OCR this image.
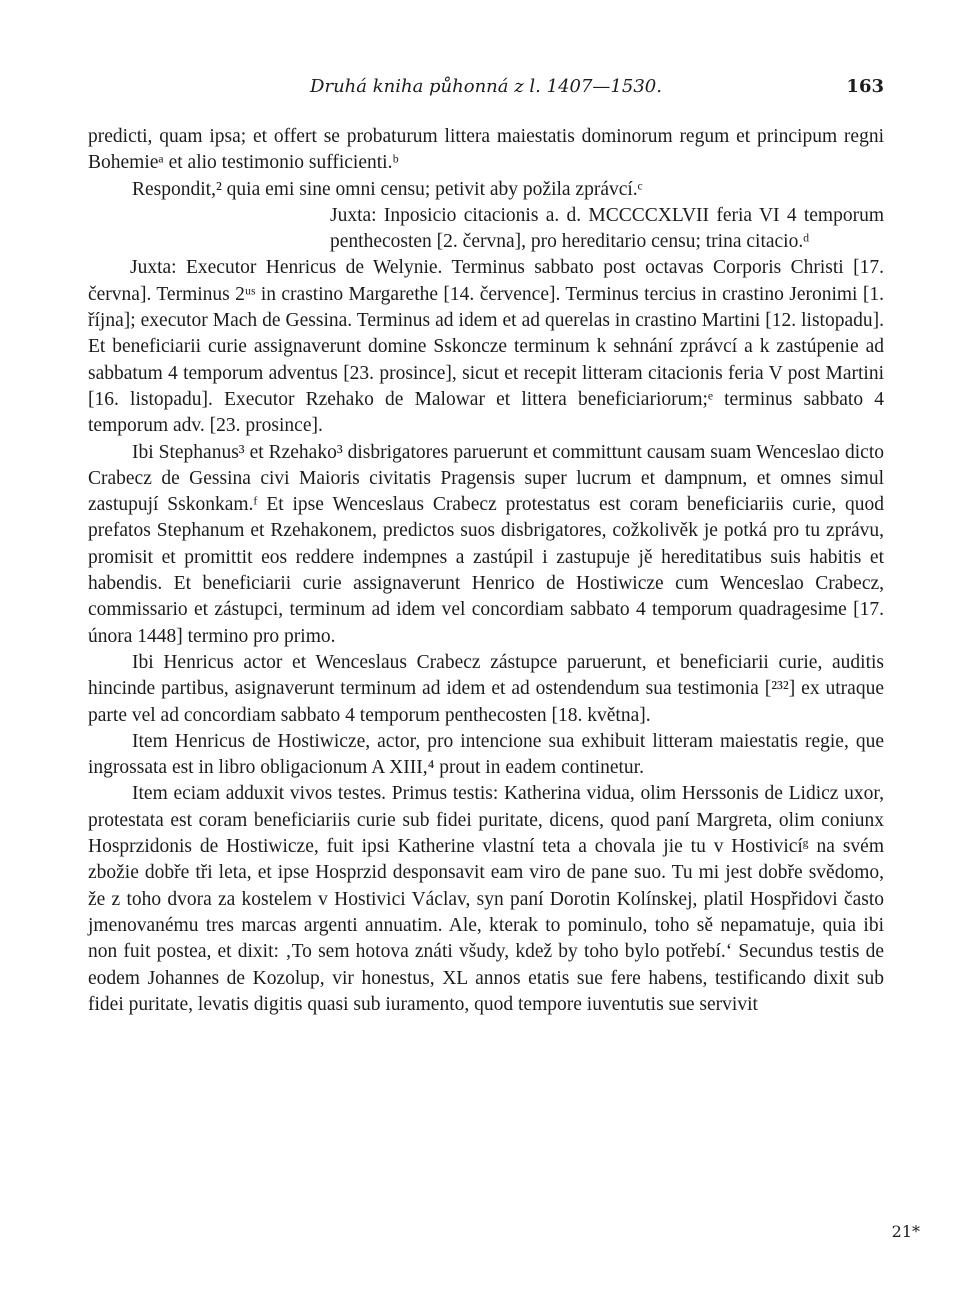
Druhá kniha půhonná z l. 1407—1530.	163

predicti, quam ipsa; et offert se probaturum littera maiestatis dominorum regum et principum regni Bohemieᵃ et alio testimonio sufficienti.ᵇ

Respondit,² quia emi sine omni censu; petivit aby požila zprávcí.ᶜ

Juxta: Inposicio citacionis a. d. MCCCCXLVII feria VI 4 temporum penthecosten [2. června], pro hereditario censu; trina citacio.ᵈ

Juxta: Executor Henricus de Welynie. Terminus sabbato post octavas Corporis Christi [17. června]. Terminus 2ᵘˢ in crastino Margarethe [14. července]. Terminus tercius in crastino Jeronimi [1. října]; executor Mach de Gessina. Terminus ad idem et ad querelas in crastino Martini [12. listopadu]. Et beneficiarii curie assignaverunt domine Sskoncze terminum k sehnání zprávcí a k zastúpenie ad sabbatum 4 temporum adventus [23. prosince], sicut et recepit litteram citacionis feria V post Martini [16. listopadu]. Executor Rzehako de Malowar et littera beneficiariorum;ᵉ terminus sabbato 4 temporum adv. [23. prosince].

Ibi Stephanus³ et Rzehako³ disbrigatores paruerunt et committunt causam suam Wenceslao dicto Crabecz de Gessina civi Maioris civitatis Pragensis super lucrum et dampnum, et omnes simul zastupují Sskonkam.ᶠ Et ipse Wenceslaus Crabecz protestatus est coram beneficiariis curie, quod prefatos Stephanum et Rzehakonem, predictos suos disbrigatores, cožkolivěk je potká pro tu zprávu, promisit et promittit eos reddere indempnes a zastúpil i zastupuje jě hereditatibus suis habitis et habendis. Et beneficiarii curie assignaverunt Henrico de Hostiwicze cum Wenceslao Crabecz, commissario et zástupci, terminum ad idem vel concordiam sabbato 4 temporum quadragesime [17. února 1448] termino pro primo.

Ibi Henricus actor et Wenceslaus Crabecz zástupce paruerunt, et beneficiarii curie, auditis hincinde partibus, asignaverunt terminum ad idem et ad ostendendum sua testimonia [²³²] ex utraque parte vel ad concordiam sabbato 4 temporum penthecosten [18. května].

Item Henricus de Hostiwicze, actor, pro intencione sua exhibuit litteram maiestatis regie, que ingrossata est in libro obligacionum A XIII,⁴ prout in eadem continetur.

Item eciam adduxit vivos testes. Primus testis: Katherina vidua, olim Herssonis de Lidicz uxor, protestata est coram beneficiariis curie sub fidei puritate, dicens, quod paní Margreta, olim coniunx Hosprzidonis de Hostiwicze, fuit ipsi Katherine vlastní teta a chovala jie tu v Hostivicíᵍ na svém zbožie dobře tři leta, et ipse Hosprzid desponsavit eam viro de pane suo. Tu mi jest dobře svědomo, že z toho dvora za kostelem v Hostivici Václav, syn paní Dorotin Kolínskej, platil Hospřidovi často jmenovanému tres marcas argenti annuatim. Ale, kterak to pominulo, toho sě nepamatuje, quia ibi non fuit postea, et dixit: ‚To sem hotova znáti všudy, kdež by toho bylo potřebí.‘ Secundus testis de eodem Johannes de Kozolup, vir honestus, XL annos etatis sue fere habens, testificando dixit sub fidei puritate, levatis digitis quasi sub iuramento, quod tempore iuventutis sue servivit

21*
